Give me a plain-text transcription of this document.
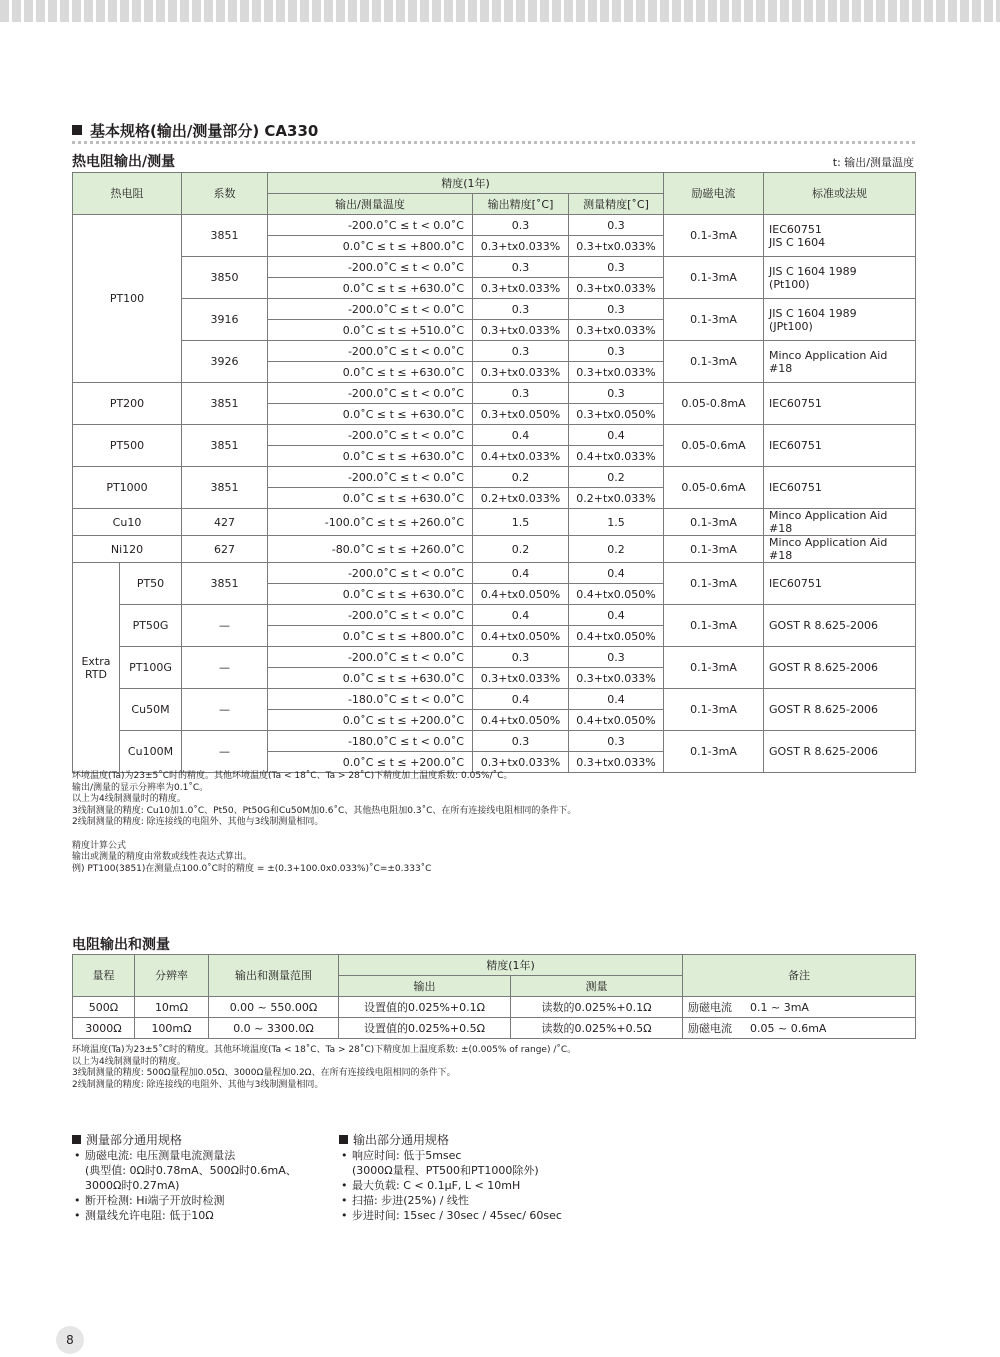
基本规格(输出/测量部分) CA330
热电阻输出/测量	t: 输出/测量温度
热电阻		系数	精度(1年)			励磁电流	标准或法规
			输出/测量温度	输出精度[˚C]	测量精度[˚C]		
PT100		3851	-200.0˚C ≤ t < 0.0˚C	0.3	0.3	0.1-3mA	IEC60751
JIS C 1604

			0.0˚C ≤ t ≤ +800.0˚C	0.3+tx0.033%	0.3+tx0.033%		
		3850	-200.0˚C ≤ t < 0.0˚C	0.3	0.3	0.1-3mA	JIS C 1604 1989
(Pt100)

			0.0˚C ≤ t ≤ +630.0˚C	0.3+tx0.033%	0.3+tx0.033%		
		3916	-200.0˚C ≤ t < 0.0˚C	0.3	0.3	0.1-3mA	JIS C 1604 1989
(JPt100)

			0.0˚C ≤ t ≤ +510.0˚C	0.3+tx0.033%	0.3+tx0.033%		
		3926	-200.0˚C ≤ t < 0.0˚C	0.3	0.3	0.1-3mA	Minco Application Aid #18

			0.0˚C ≤ t ≤ +630.0˚C	0.3+tx0.033%	0.3+tx0.033%		
PT200		3851	-200.0˚C ≤ t < 0.0˚C	0.3	0.3	0.05-0.8mA	IEC60751

			0.0˚C ≤ t ≤ +630.0˚C	0.3+tx0.050%	0.3+tx0.050%		
PT500		3851	-200.0˚C ≤ t < 0.0˚C	0.4	0.4	0.05-0.6mA	IEC60751

			0.0˚C ≤ t ≤ +630.0˚C	0.4+tx0.033%	0.4+tx0.033%		
PT1000		3851	-200.0˚C ≤ t < 0.0˚C	0.2	0.2	0.05-0.6mA	IEC60751

			0.0˚C ≤ t ≤ +630.0˚C	0.2+tx0.033%	0.2+tx0.033%		
Cu10		427	-100.0˚C ≤ t ≤ +260.0˚C	1.5	1.5	0.1-3mA	Minco Application Aid #18

Ni120		627	-80.0˚C ≤ t ≤ +260.0˚C	0.2	0.2	0.1-3mA	Minco Application Aid #18

Extra RTD	PT50	3851	-200.0˚C ≤ t < 0.0˚C	0.4	0.4	0.1-3mA	IEC60751

			0.0˚C ≤ t ≤ +630.0˚C	0.4+tx0.050%	0.4+tx0.050%		
	PT50G	—	-200.0˚C ≤ t < 0.0˚C	0.4	0.4	0.1-3mA	GOST R 8.625-2006

			0.0˚C ≤ t ≤ +800.0˚C	0.4+tx0.050%	0.4+tx0.050%		
	PT100G	—	-200.0˚C ≤ t < 0.0˚C	0.3	0.3	0.1-3mA	GOST R 8.625-2006

			0.0˚C ≤ t ≤ +630.0˚C	0.3+tx0.033%	0.3+tx0.033%		
	Cu50M	—	-180.0˚C ≤ t < 0.0˚C	0.4	0.4	0.1-3mA	GOST R 8.625-2006

			0.0˚C ≤ t ≤ +200.0˚C	0.4+tx0.050%	0.4+tx0.050%		
	Cu100M	—	-180.0˚C ≤ t < 0.0˚C	0.3	0.3	0.1-3mA	GOST R 8.625-2006

			0.0˚C ≤ t ≤ +200.0˚C	0.3+tx0.033%	0.3+tx0.033%		
环境温度(Ta)为23±5˚C时的精度。其他环境温度(Ta < 18˚C、Ta > 28˚C)下精度加上温度系数: 0.05%/˚C。
输出/测量的显示分辨率为0.1˚C。
以上为4线制测量时的精度。
3线制测量的精度: Cu10加1.0˚C、Pt50、Pt50G和Cu50M加0.6˚C、其他热电阻加0.3˚C、在所有连接线电阻相同的条件下。
2线制测量的精度: 除连接线的电阻外、其他与3线制测量相同。
精度计算公式
输出或测量的精度由常数或线性表达式算出。
例) PT100(3851)在测量点100.0˚C时的精度 = ±(0.3+100.0x0.033%)˚C=±0.333˚C
电阻输出和测量
量程	分辨率	输出和测量范围	精度(1年)		备注
			输出	测量	
500Ω	10mΩ	0.00 ~ 550.00Ω	设置值的0.025%+0.1Ω	读数的0.025%+0.1Ω	励磁电流 0.1 ~ 3mA
3000Ω	100mΩ	0.0 ~ 3300.0Ω	设置值的0.025%+0.5Ω	读数的0.025%+0.5Ω	励磁电流 0.05 ~ 0.6mA
环境温度(Ta)为23±5˚C时的精度。其他环境温度(Ta < 18˚C、Ta > 28˚C)下精度加上温度系数: ±(0.005% of range) /˚C。
以上为4线制测量时的精度。
3线制测量的精度: 500Ω量程加0.05Ω、3000Ω量程加0.2Ω、在所有连接线电阻相同的条件下。
2线制测量的精度: 除连接线的电阻外、其他与3线制测量相同。
测量部分通用规格
• 励磁电流: 电压测量电流测量法
(典型值: 0Ω时0.78mA、500Ω时0.6mA、
3000Ω时0.27mA)
• 断开检测: Hi端子开放时检测
• 测量线允许电阻: 低于10Ω
输出部分通用规格
• 响应时间: 低于5msec
(3000Ω量程、PT500和PT1000除外)
• 最大负载: C < 0.1μF, L < 10mH
• 扫描: 步进(25%) / 线性
• 步进时间: 15sec / 30sec / 45sec/ 60sec
8
